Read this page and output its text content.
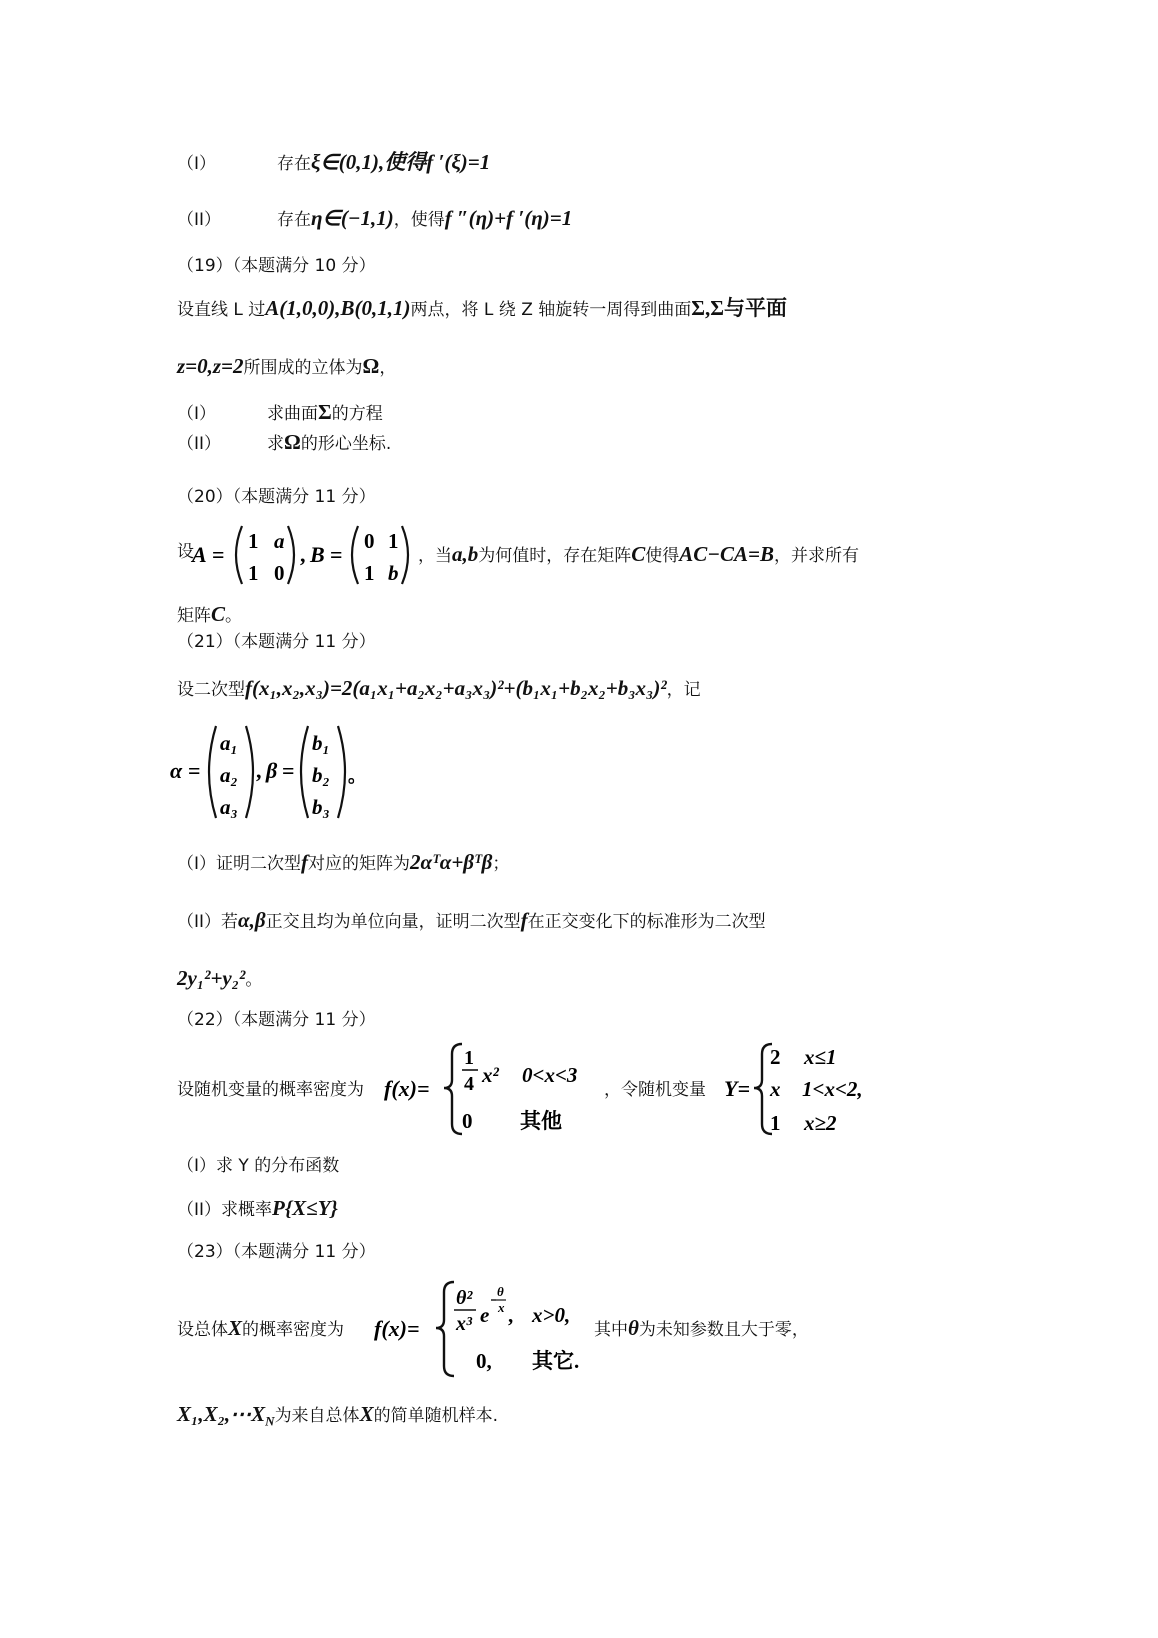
（I）	存在ξ∈(0,1),使得f ′(ξ)=1
（II）	存在η∈(−1,1)，使得f ″(η)+f ′(η)=1
（19）（本题满分 10 分）
设直线 L 过A(1,0,0),B(0,1,1)两点，将 L 绕 Z 轴旋转一周得到曲面Σ,Σ与平面
z=0,z=2所围成的立体为Ω，
（I）	求曲面Σ的方程
（II）	求Ω的形心坐标.
（20）（本题满分 11 分）
设
A =
1 a
1 0
, B =
0 1
1 b
，当a,b为何值时，存在矩阵C使得AC−CA=B，并求所有
矩阵C。
（21）（本题满分 11 分）
设二次型f(x₁,x₂,x₃)=2(a₁x₁+a₂x₂+a₃x₃)²+(b₁x₁+b₂x₂+b₃x₃)²，记
α =
a₁
a₂
a₃
, β =
b₁
b₂
b₃
。
（I）证明二次型f对应的矩阵为2αᵀα+βᵀβ；
（II）若α,β正交且均为单位向量，证明二次型f在正交变化下的标准形为二次型
2y₁²+y₂²。
（22）（本题满分 11 分）
设随机变量的概率密度为 f(x)=
1
4 x² 0<x<3
0 其他
，令随机变量 Y=
2 x≤1
x 1<x<2,
1 x≥2
（I）求 Y 的分布函数
（II）求概率P{X≤Y}
（23）（本题满分 11 分）
设总体X的概率密度为 f(x)=
θ²
x³ e
θ
x , x>0,
0, 其它.
其中θ为未知参数且大于零，
$X_1,X_2,\cdots X_N$为来自总体X的简单随机样本.
